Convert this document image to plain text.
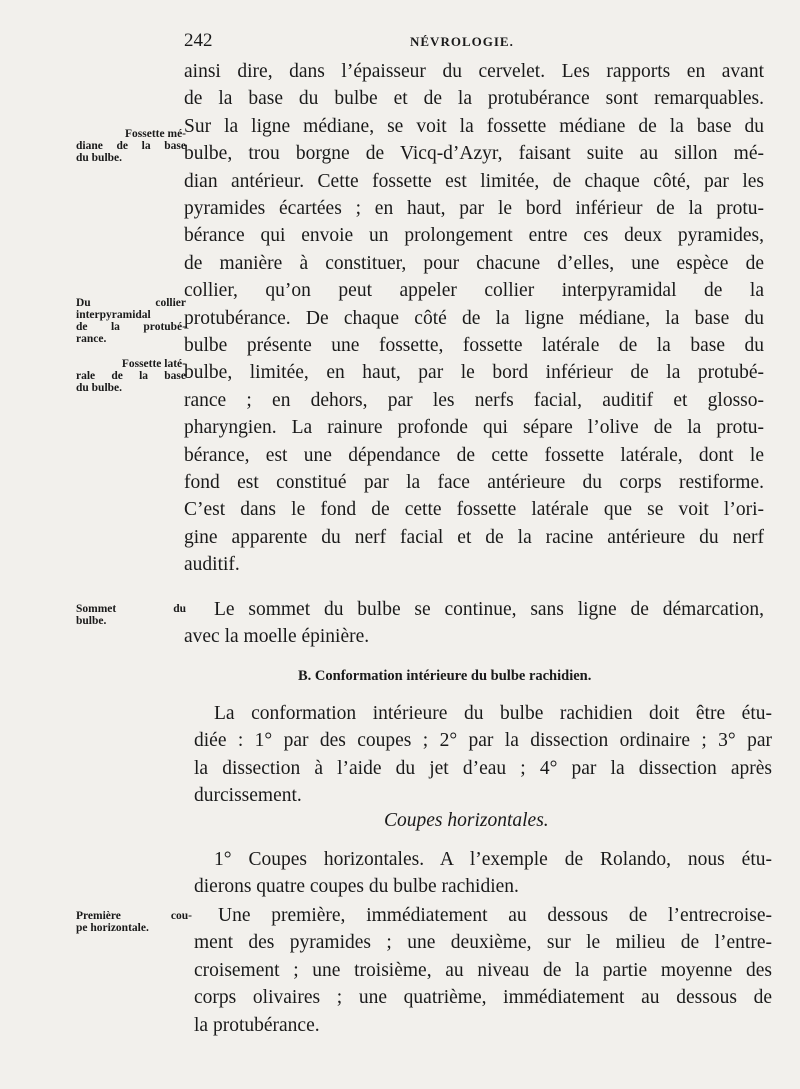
242	NÉVROLOGIE.
Fossette mé-
diane de la base
du bulbe.
Du collier
interpyramidal
de la protubé-
rance.
Fossette laté-
rale de la base
du bulbe.
Sommet du
bulbe.
Première cou-
pe horizontale.
ainsi dire, dans l’épaisseur du cervelet. Les rapports en avant
de la base du bulbe et de la protubérance sont remarquables.
Sur la ligne médiane, se voit la fossette médiane de la base du
bulbe, trou borgne de Vicq-d’Azyr, faisant suite au sillon mé-
dian antérieur. Cette fossette est limitée, de chaque côté, par les
pyramides écartées ; en haut, par le bord inférieur de la protu-
bérance qui envoie un prolongement entre ces deux pyramides,
de manière à constituer, pour chacune d’elles, une espèce de
collier, qu’on peut appeler collier interpyramidal de la
protubérance. De chaque côté de la ligne médiane, la base du
bulbe présente une fossette, fossette latérale de la base du
bulbe, limitée, en haut, par le bord inférieur de la protubé-
rance ; en dehors, par les nerfs facial, auditif et glosso-
pharyngien. La rainure profonde qui sépare l’olive de la protu-
bérance, est une dépendance de cette fossette latérale, dont le
fond est constitué par la face antérieure du corps restiforme.
C’est dans le fond de cette fossette latérale que se voit l’ori-
gine apparente du nerf facial et de la racine antérieure du nerf
auditif.
Le sommet du bulbe se continue, sans ligne de démarcation,
avec la moelle épinière.
B. Conformation intérieure du bulbe rachidien.
La conformation intérieure du bulbe rachidien doit être étu-
diée : 1° par des coupes ; 2° par la dissection ordinaire ; 3° par
la dissection à l’aide du jet d’eau ; 4° par la dissection après
durcissement.
Coupes horizontales.
1° Coupes horizontales. A l’exemple de Rolando, nous étu-
dierons quatre coupes du bulbe rachidien.
Une première, immédiatement au dessous de l’entrecroise-
ment des pyramides ; une deuxième, sur le milieu de l’entre-
croisement ; une troisième, au niveau de la partie moyenne des
corps olivaires ; une quatrième, immédiatement au dessous de
la protubérance.
